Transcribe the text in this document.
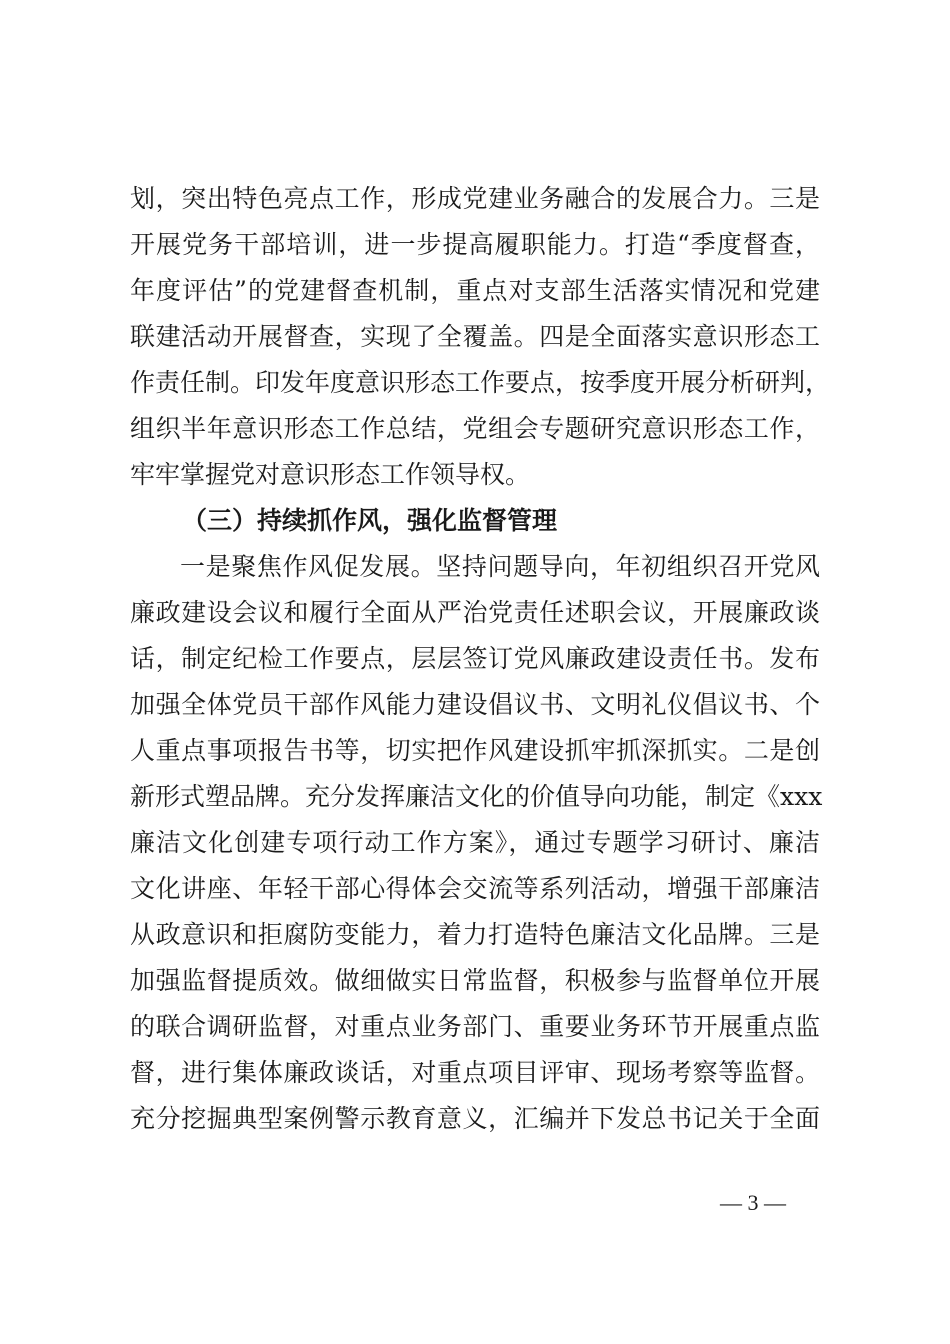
划，突出特色亮点工作，形成党建业务融合的发展合力。三是
开展党务干部培训，进一步提高履职能力。打造“季度督查，
年度评估”的党建督查机制，重点对支部生活落实情况和党建
联建活动开展督查，实现了全覆盖。四是全面落实意识形态工
作责任制。印发年度意识形态工作要点，按季度开展分析研判，
组织半年意识形态工作总结，党组会专题研究意识形态工作，
牢牢掌握党对意识形态工作领导权。
（三）持续抓作风，强化监督管理
一是聚焦作风促发展。坚持问题导向，年初组织召开党风
廉政建设会议和履行全面从严治党责任述职会议，开展廉政谈
话，制定纪检工作要点，层层签订党风廉政建设责任书。发布
加强全体党员干部作风能力建设倡议书、文明礼仪倡议书、个
人重点事项报告书等，切实把作风建设抓牢抓深抓实。二是创
新形式塑品牌。充分发挥廉洁文化的价值导向功能，制定《xxx
廉洁文化创建专项行动工作方案》，通过专题学习研讨、廉洁
文化讲座、年轻干部心得体会交流等系列活动，增强干部廉洁
从政意识和拒腐防变能力，着力打造特色廉洁文化品牌。三是
加强监督提质效。做细做实日常监督，积极参与监督单位开展
的联合调研监督，对重点业务部门、重要业务环节开展重点监
督，进行集体廉政谈话，对重点项目评审、现场考察等监督。
充分挖掘典型案例警示教育意义，汇编并下发总书记关于全面
— 3 —
